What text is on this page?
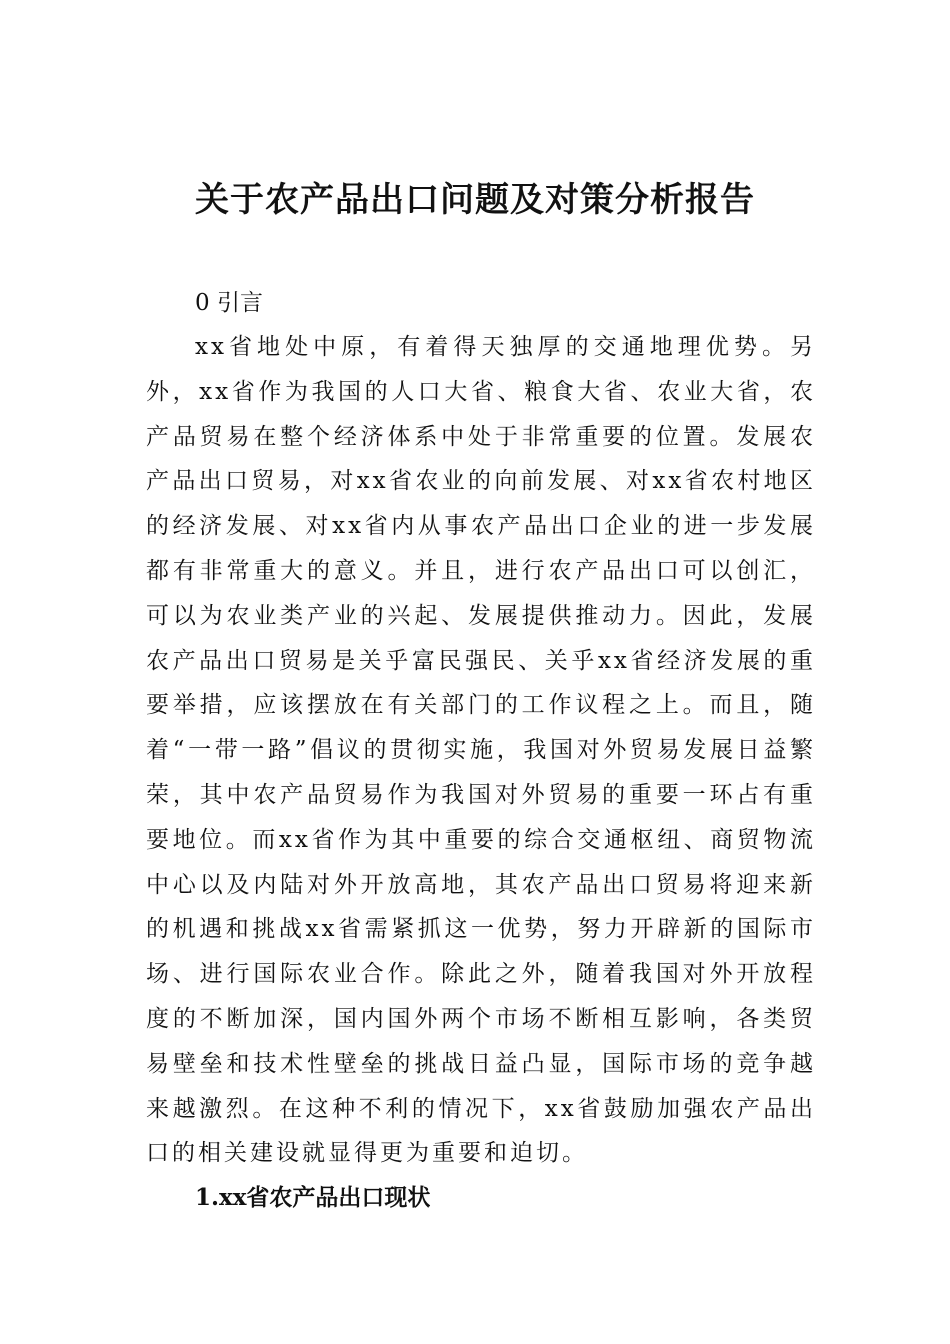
关于农产品出口问题及对策分析报告
0 引言

xx省地处中原，有着得天独厚的交通地理优势。另外，xx省作为我国的人口大省、粮食大省、农业大省，农产品贸易在整个经济体系中处于非常重要的位置。发展农产品出口贸易，对xx省农业的向前发展、对xx省农村地区的经济发展、对xx省内从事农产品出口企业的进一步发展都有非常重大的意义。并且，进行农产品出口可以创汇，可以为农业类产业的兴起、发展提供推动力。因此，发展农产品出口贸易是关乎富民强民、关乎xx省经济发展的重要举措，应该摆放在有关部门的工作议程之上。而且，随着“一带一路”倡议的贯彻实施，我国对外贸易发展日益繁荣，其中农产品贸易作为我国对外贸易的重要一环占有重要地位。而xx省作为其中重要的综合交通枢纽、商贸物流中心以及内陆对外开放高地，其农产品出口贸易将迎来新的机遇和挑战xx省需紧抓这一优势，努力开辟新的国际市场、进行国际农业合作。除此之外，随着我国对外开放程度的不断加深，国内国外两个市场不断相互影响，各类贸易壁垒和技术性壁垒的挑战日益凸显，国际市场的竞争越来越激烈。在这种不利的情况下，xx省鼓励加强农产品出口的相关建设就显得更为重要和迫切。

1.xx省农产品出口现状
